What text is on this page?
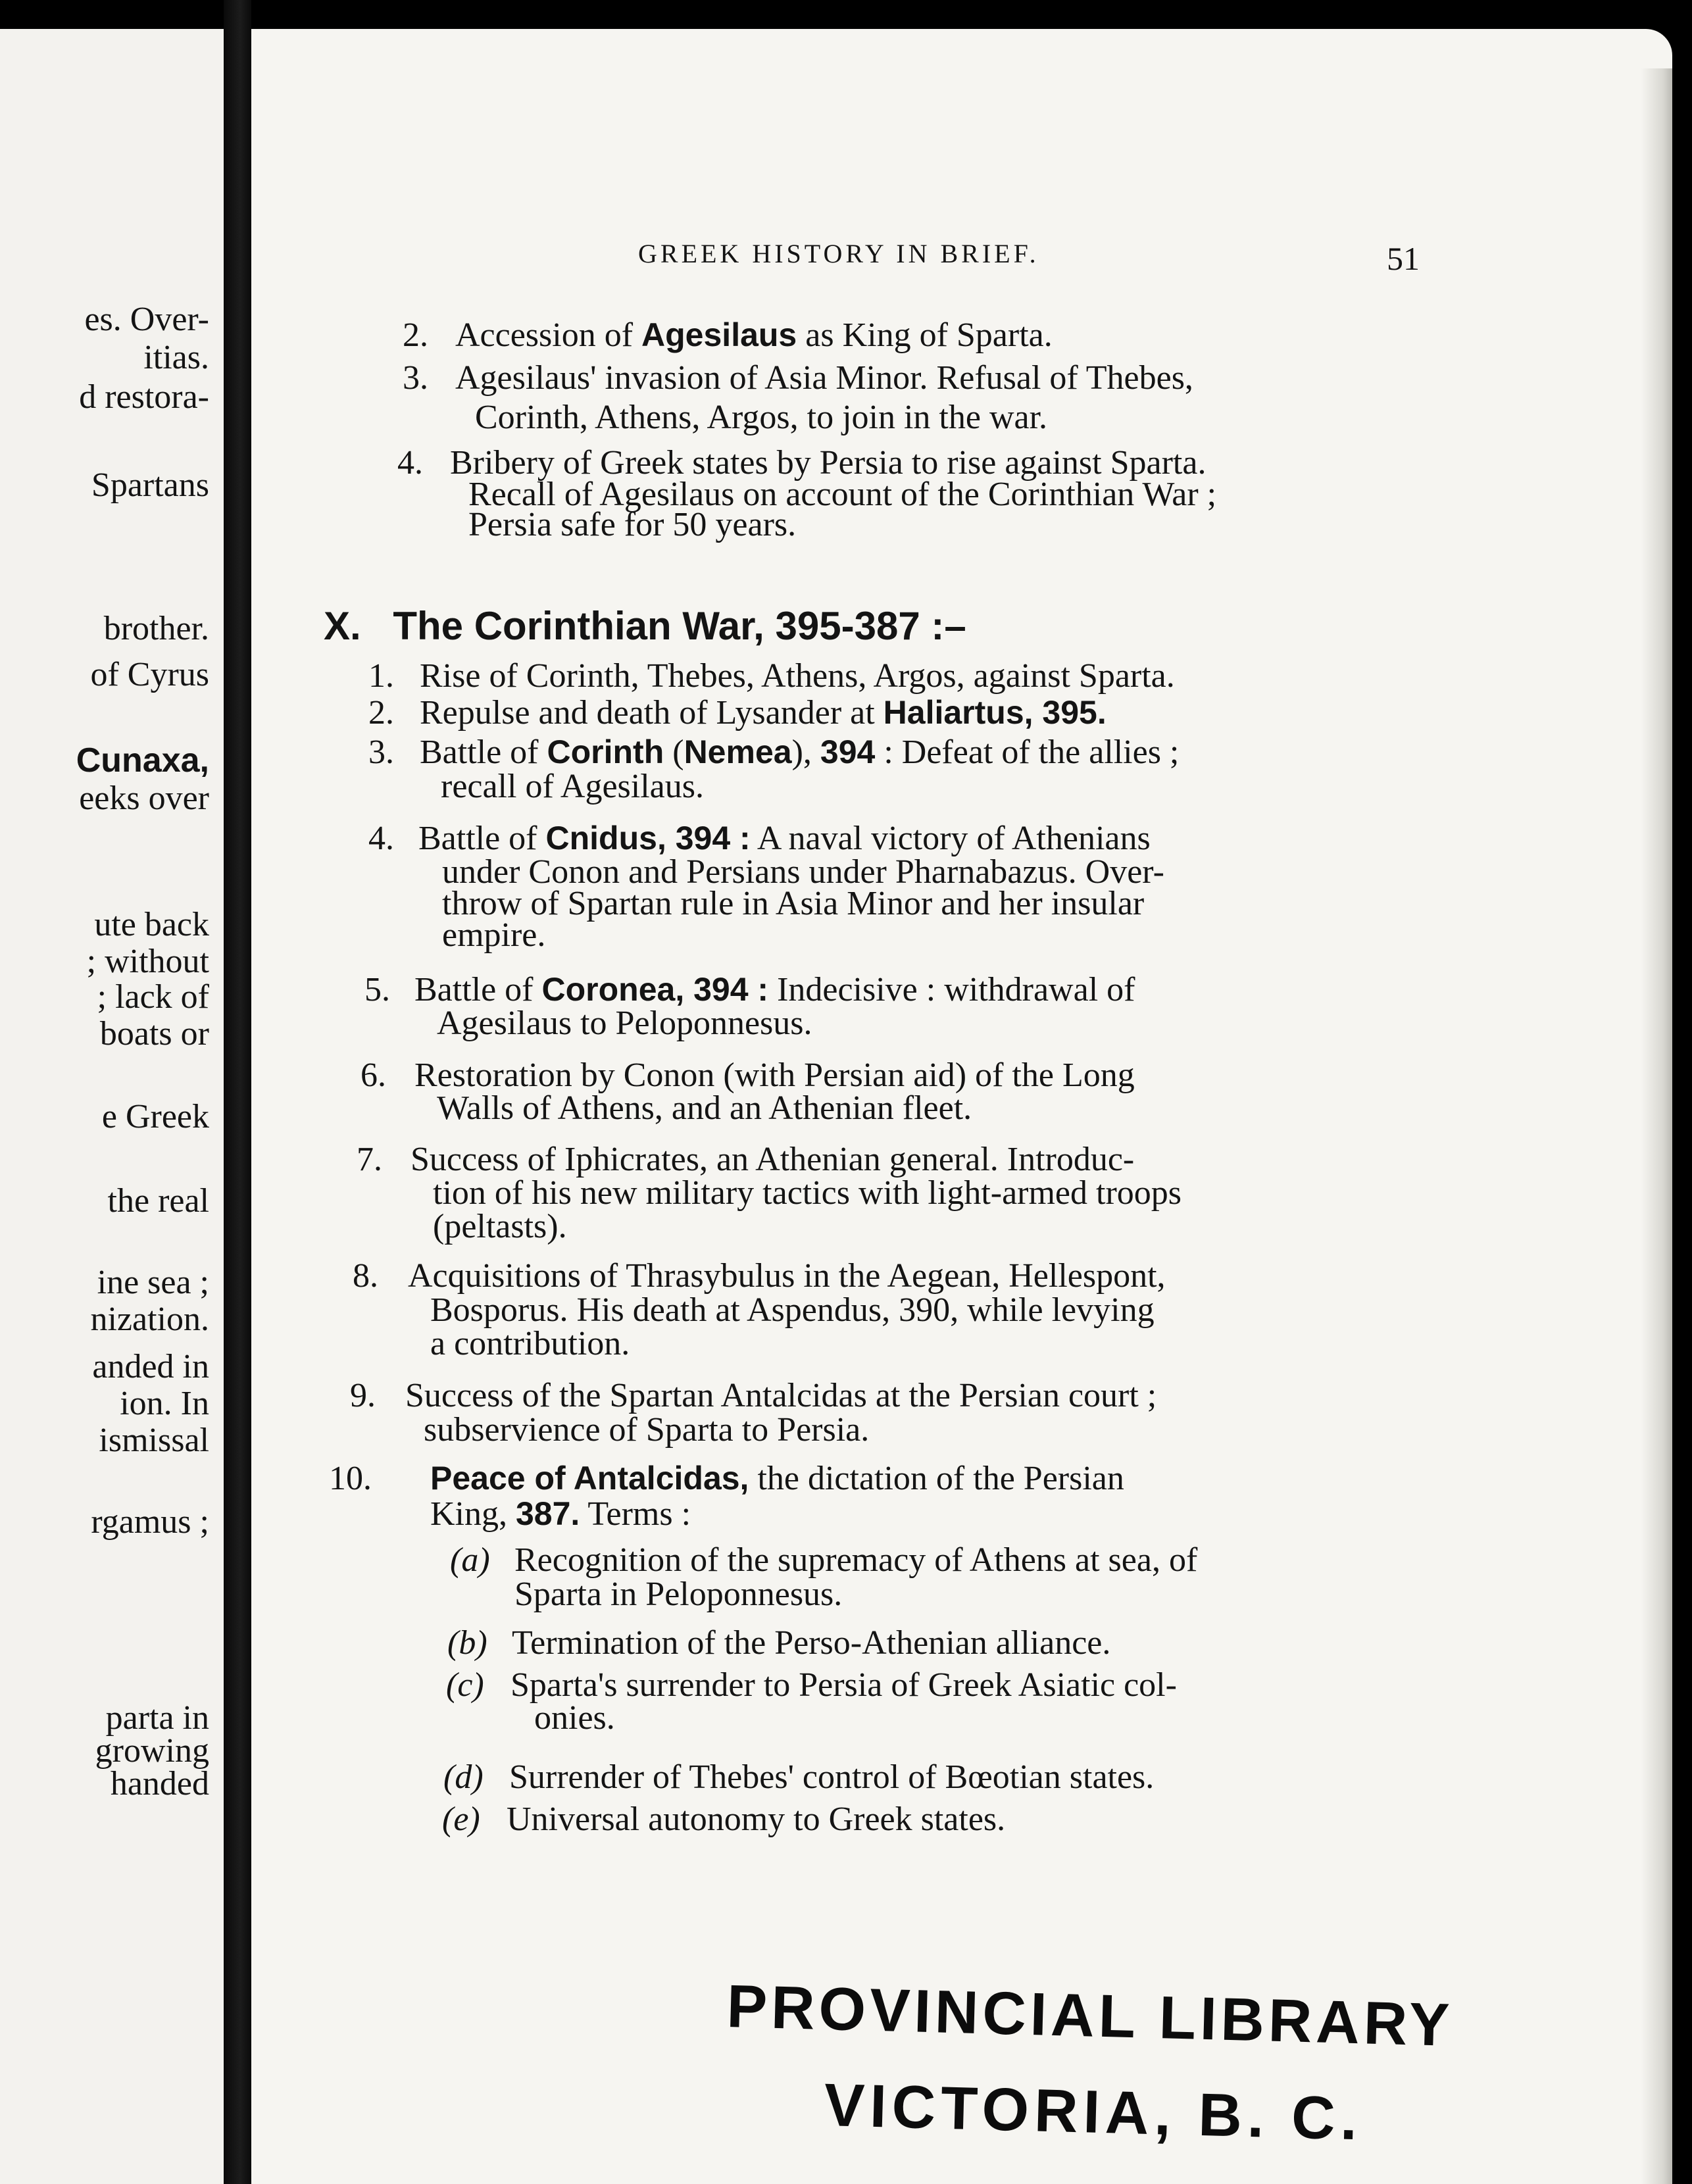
es. Over-
itias.
d restora-
Spartans
brother.
of Cyrus
Cunaxa,
eeks over
ute back
; without
; lack of
boats or
e Greek
the real
ine sea ;
nization.
anded in
ion. In
ismissal
rgamus ;
parta in
growing
handed
GREEK HISTORY IN BRIEF.	51
2. Accession of Agesilaus as King of Sparta.
3. Agesilaus' invasion of Asia Minor. Refusal of Thebes,
Corinth, Athens, Argos, to join in the war.
4. Bribery of Greek states by Persia to rise against Sparta.
Recall of Agesilaus on account of the Corinthian War ;
Persia safe for 50 years.
X. The Corinthian War, 395-387 :–
1. Rise of Corinth, Thebes, Athens, Argos, against Sparta.
2. Repulse and death of Lysander at Haliartus, 395.
3. Battle of Corinth (Nemea), 394 : Defeat of the allies ;
recall of Agesilaus.
4. Battle of Cnidus, 394 : A naval victory of Athenians
under Conon and Persians under Pharnabazus. Over-
throw of Spartan rule in Asia Minor and her insular
empire.
5. Battle of Coronea, 394 : Indecisive : withdrawal of
Agesilaus to Peloponnesus.
6. Restoration by Conon (with Persian aid) of the Long
Walls of Athens, and an Athenian fleet.
7. Success of Iphicrates, an Athenian general. Introduc-
tion of his new military tactics with light-armed troops
(peltasts).
8. Acquisitions of Thrasybulus in the Aegean, Hellespont,
Bosporus. His death at Aspendus, 390, while levying
a contribution.
9. Success of the Spartan Antalcidas at the Persian court ;
subservience of Sparta to Persia.
10. Peace of Antalcidas, the dictation of the Persian
King, 387. Terms :
(a) Recognition of the supremacy of Athens at sea, of
Sparta in Peloponnesus.
(b) Termination of the Perso-Athenian alliance.
(c) Sparta's surrender to Persia of Greek Asiatic col-
onies.
(d) Surrender of Thebes' control of Bœotian states.
(e) Universal autonomy to Greek states.
PROVINCIAL LIBRARY
VICTORIA, B. C.
